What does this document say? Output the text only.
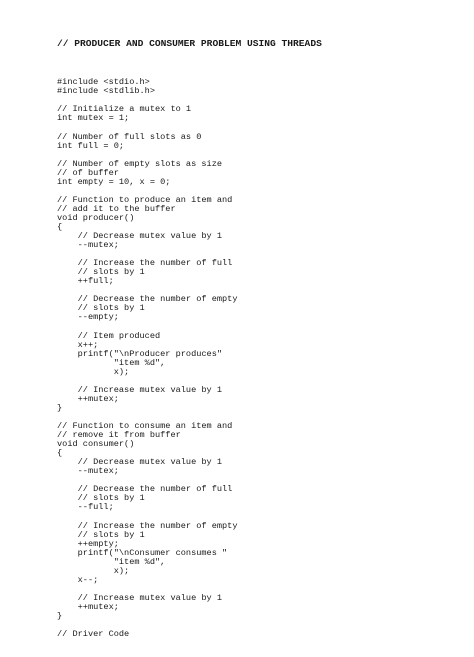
// PRODUCER AND CONSUMER PROBLEM USING THREADS

#include <stdio.h>
#include <stdlib.h>
// Initialize a mutex to 1
int mutex = 1;
// Number of full slots as 0
int full = 0;
// Number of empty slots as size
// of buffer
int empty = 10, x = 0;
// Function to produce an item and
// add it to the buffer
void producer()
{
// Decrease mutex value by 1
--mutex;
// Increase the number of full
// slots by 1
++full;
// Decrease the number of empty
// slots by 1
--empty;
// Item produced
x++;
printf("\nProducer produces"
"item %d",
x);
// Increase mutex value by 1
++mutex;
}
// Function to consume an item and
// remove it from buffer
void consumer()
{
// Decrease mutex value by 1
--mutex;
// Decrease the number of full
// slots by 1
--full;
// Increase the number of empty
// slots by 1
++empty;
printf("\nConsumer consumes "
"item %d",
x);
x--;
// Increase mutex value by 1
++mutex;
}
// Driver Code
